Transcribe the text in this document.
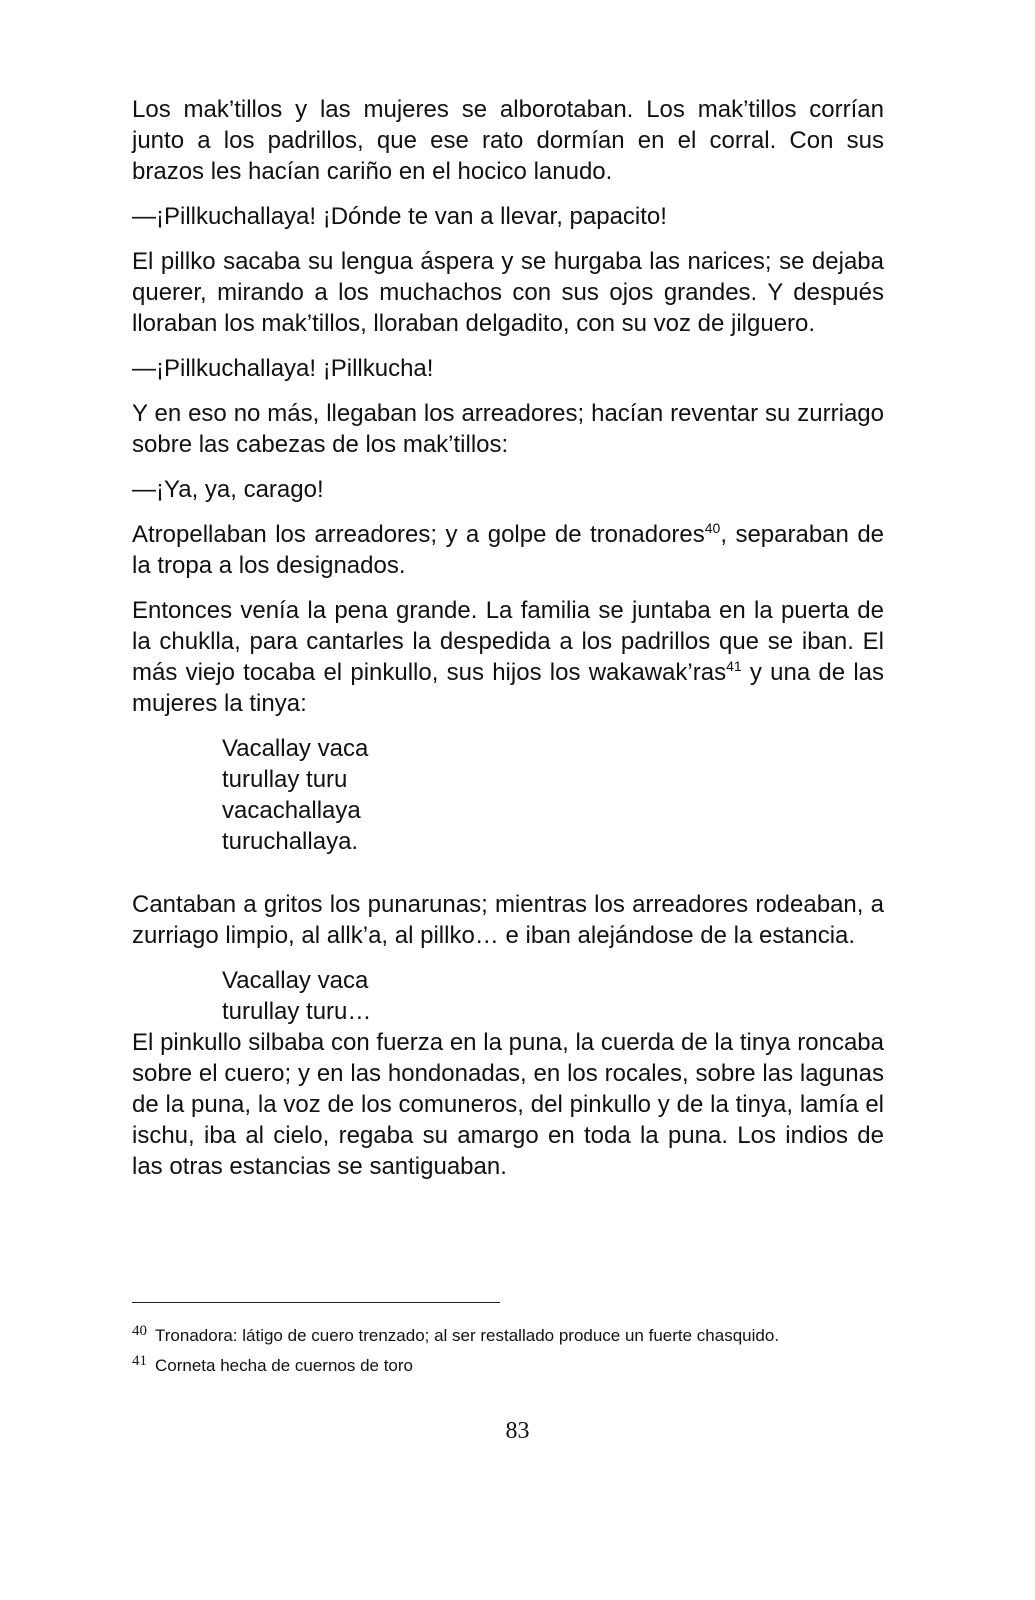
Los mak’tillos y las mujeres se alborotaban. Los mak’tillos corrían junto a los padrillos, que ese rato dormían en el corral. Con sus brazos les hacían cariño en el hocico lanudo.

—¡Pillkuchallaya! ¡Dónde te van a llevar, papacito!

El pillko sacaba su lengua áspera y se hurgaba las narices; se dejaba querer, mirando a los muchachos con sus ojos grandes. Y después lloraban los mak’tillos, lloraban delgadito, con su voz de jilguero.

—¡Pillkuchallaya! ¡Pillkucha!

Y en eso no más, llegaban los arreadores; hacían reventar su zurriago sobre las cabezas de los mak’tillos:

—¡Ya, ya, carago!

Atropellaban los arreadores; y a golpe de tronadores$^{40}$, separaban de la tropa a los designados.

Entonces venía la pena grande. La familia se juntaba en la puerta de la chuklla, para cantarles la despedida a los padrillos que se iban. El más viejo tocaba el pinkullo, sus hijos los wakawak’ras$^{41}$ y una de las mujeres la tinya:

Vacallay vaca
turullay turu
vacachallaya
turuchallaya.

Cantaban a gritos los punarunas; mientras los arreadores rodeaban, a zurriago limpio, al allk’a, al pillko… e iban alejándose de la estancia.

Vacallay vaca
turullay turu…

El pinkullo silbaba con fuerza en la puna, la cuerda de la tinya roncaba sobre el cuero; y en las hondonadas, en los rocales, sobre las lagunas de la puna, la voz de los comuneros, del pinkullo y de la tinya, lamía el ischu, iba al cielo, regaba su amargo en toda la puna. Los indios de las otras estancias se santiguaban.

40 Tronadora: látigo de cuero trenzado; al ser restallado produce un fuerte chasquido.
41 Corneta hecha de cuernos de toro
83
